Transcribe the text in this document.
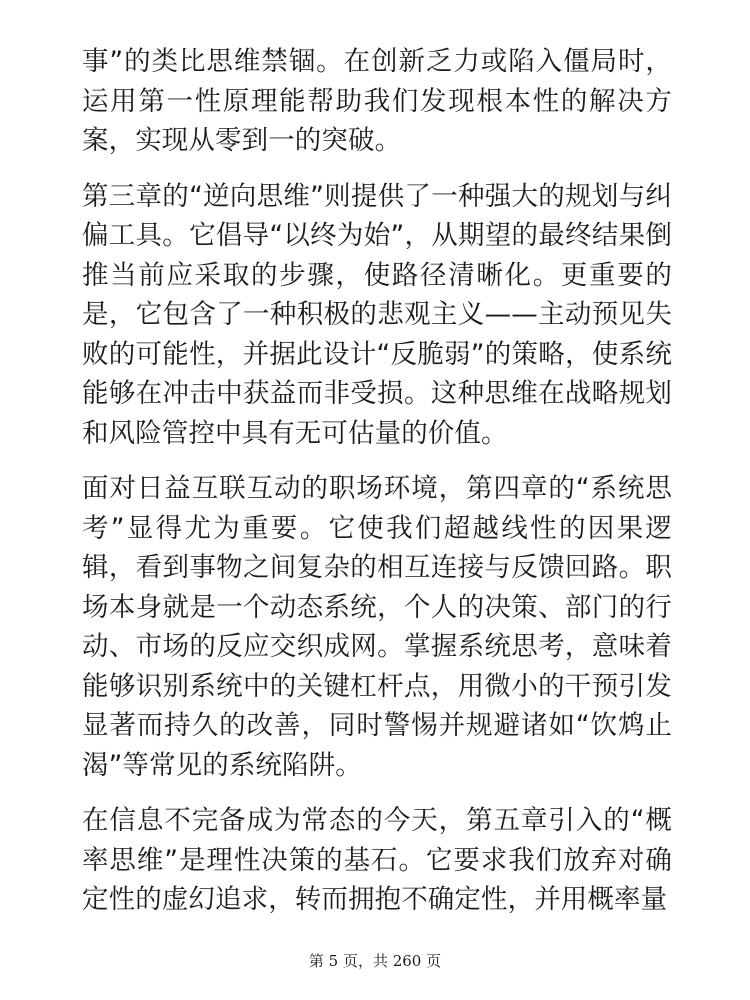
事”的类比思维禁锢。在创新乏力或陷入僵局时，运用第一性原理能帮助我们发现根本性的解决方案，实现从零到一的突破。

第三章的“逆向思维”则提供了一种强大的规划与纠偏工具。它倡导“以终为始”，从期望的最终结果倒推当前应采取的步骤，使路径清晰化。更重要的是，它包含了一种积极的悲观主义——主动预见失败的可能性，并据此设计“反脆弱”的策略，使系统能够在冲击中获益而非受损。这种思维在战略规划和风险管控中具有无可估量的价值。

面对日益互联互动的职场环境，第四章的“系统思考”显得尤为重要。它使我们超越线性的因果逻辑，看到事物之间复杂的相互连接与反馈回路。职场本身就是一个动态系统，个人的决策、部门的行动、市场的反应交织成网。掌握系统思考，意味着能够识别系统中的关键杠杆点，用微小的干预引发显著而持久的改善，同时警惕并规避诸如“饮鸩止渴”等常见的系统陷阱。

在信息不完备成为常态的今天，第五章引入的“概率思维”是理性决策的基石。它要求我们放弃对确定性的虚幻追求，转而拥抱不确定性，并用概率量

第 5 页，共 260 页
